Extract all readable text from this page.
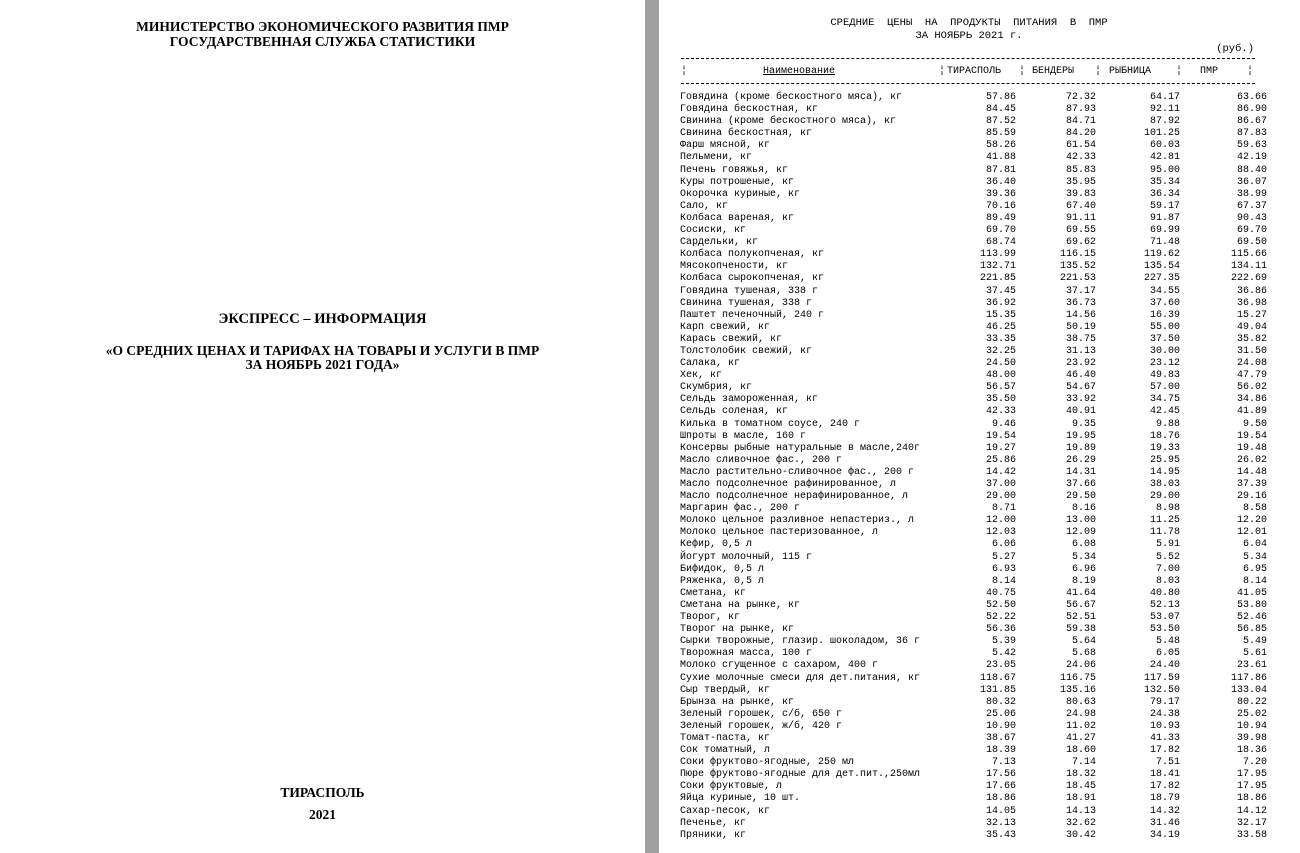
МИНИСТЕРСТВО ЭКОНОМИЧЕСКОГО РАЗВИТИЯ ПМР
ГОСУДАРСТВЕННАЯ СЛУЖБА СТАТИСТИКИ
ЭКСПРЕСС – ИНФОРМАЦИЯ
«О СРЕДНИХ ЦЕНАХ И ТАРИФАХ НА ТОВАРЫ И УСЛУГИ В ПМР
ЗА НОЯБРЬ 2021 ГОДА»
ТИРАСПОЛЬ
2021
СРЕДНИЕ  ЦЕНЫ  НА  ПРОДУКТЫ  ПИТАНИЯ  В  ПМР
ЗА НОЯБРЬ 2021 г.
(руб.)
¦	Наименование	¦ ТИРАСПОЛЬ ¦ БЕНДЕРЫ ¦ РЫБНИЦА ¦ ПМР	¦
Говядина (кроме бескостного мяса), кг	57.86	72.32	64.17	63.66
Говядина бескостная, кг	84.45	87.93	92.11	86.90
Свинина (кроме бескостного мяса), кг	87.52	84.71	87.92	86.67
Свинина бескостная, кг	85.59	84.20	101.25	87.83
Фарш мясной, кг	58.26	61.54	60.03	59.63
Пельмени, кг	41.88	42.33	42.81	42.19
Печень говяжья, кг	87.81	85.83	95.00	88.40
Куры потрошеные, кг	36.40	35.95	35.34	36.07
Окорочка куриные, кг	39.36	39.83	36.34	38.99
Сало, кг	70.16	67.40	59.17	67.37
Колбаса вареная, кг	89.49	91.11	91.87	90.43
Сосиски, кг	69.70	69.55	69.99	69.70
Сардельки, кг	68.74	69.62	71.48	69.50
Колбаса полукопченая, кг	113.99	116.15	119.62	115.66
Мясокопчености, кг	132.71	135.52	135.54	134.11
Колбаса сырокопченая, кг	221.85	221.53	227.35	222.69
Говядина тушеная, 338 г	37.45	37.17	34.55	36.86
Свинина тушеная, 338 г	36.92	36.73	37.60	36.98
Паштет печеночный, 240 г	15.35	14.56	16.39	15.27
Карп свежий, кг	46.25	50.19	55.00	49.04
Карась свежий, кг	33.35	38.75	37.50	35.82
Толстолобик свежий, кг	32.25	31.13	30.00	31.50
Салака, кг	24.50	23.92	23.12	24.08
Хек, кг	48.00	46.40	49.83	47.79
Скумбрия, кг	56.57	54.67	57.00	56.02
Сельдь замороженная, кг	35.50	33.92	34.75	34.86
Сельдь соленая, кг	42.33	40.91	42.45	41.89
Килька в томатном соусе, 240 г	9.46	9.35	9.88	9.50
Шпроты в масле, 160 г	19.54	19.95	18.76	19.54
Консервы рыбные натуральные в масле,240г	19.27	19.89	19.33	19.48
Масло сливочное фас., 200 г	25.86	26.29	25.95	26.02
Масло растительно-сливочное фас., 200 г	14.42	14.31	14.95	14.48
Масло подсолнечное рафинированное, л	37.00	37.66	38.03	37.39
Масло подсолнечное нерафинированное, л	29.00	29.50	29.00	29.16
Маргарин фас., 200 г	8.71	8.16	8.98	8.58
Молоко цельное разливное непастериз., л	12.00	13.00	11.25	12.20
Молоко цельное пастеризованное, л	12.03	12.09	11.78	12.01
Кефир, 0,5 л	6.06	6.08	5.91	6.04
Йогурт молочный, 115 г	5.27	5.34	5.52	5.34
Бифидок, 0,5 л	6.93	6.96	7.00	6.95
Ряженка, 0,5 л	8.14	8.19	8.03	8.14
Сметана, кг	40.75	41.64	40.80	41.05
Сметана на рынке, кг	52.50	56.67	52.13	53.80
Творог, кг	52.22	52.51	53.07	52.46
Творог на рынке, кг	56.36	59.38	53.50	56.85
Сырки творожные, глазир. шоколадом, 36 г	5.39	5.64	5.48	5.49
Творожная масса, 100 г	5.42	5.68	6.05	5.61
Молоко сгущенное с сахаром, 400 г	23.05	24.06	24.40	23.61
Сухие молочные смеси для дет.питания, кг	118.67	116.75	117.59	117.86
Сыр твердый, кг	131.85	135.16	132.50	133.04
Брынза на рынке, кг	80.32	80.63	79.17	80.22
Зеленый горошек, с/б, 650 г	25.06	24.98	24.38	25.02
Зеленый горошек, ж/б, 420 г	10.90	11.02	10.93	10.94
Томат-паста, кг	38.67	41.27	41.33	39.98
Сок томатный, л	18.39	18.60	17.82	18.36
Соки фруктово-ягодные, 250 мл	7.13	7.14	7.51	7.20
Пюре фруктово-ягодные для дет.пит.,250мл	17.56	18.32	18.41	17.95
Соки фруктовые, л	17.66	18.45	17.82	17.95
Яйца куриные, 10 шт.	18.86	18.91	18.79	18.86
Сахар-песок, кг	14.05	14.13	14.32	14.12
Печенье, кг	32.13	32.62	31.46	32.17
Пряники, кг	35.43	30.42	34.19	33.58
